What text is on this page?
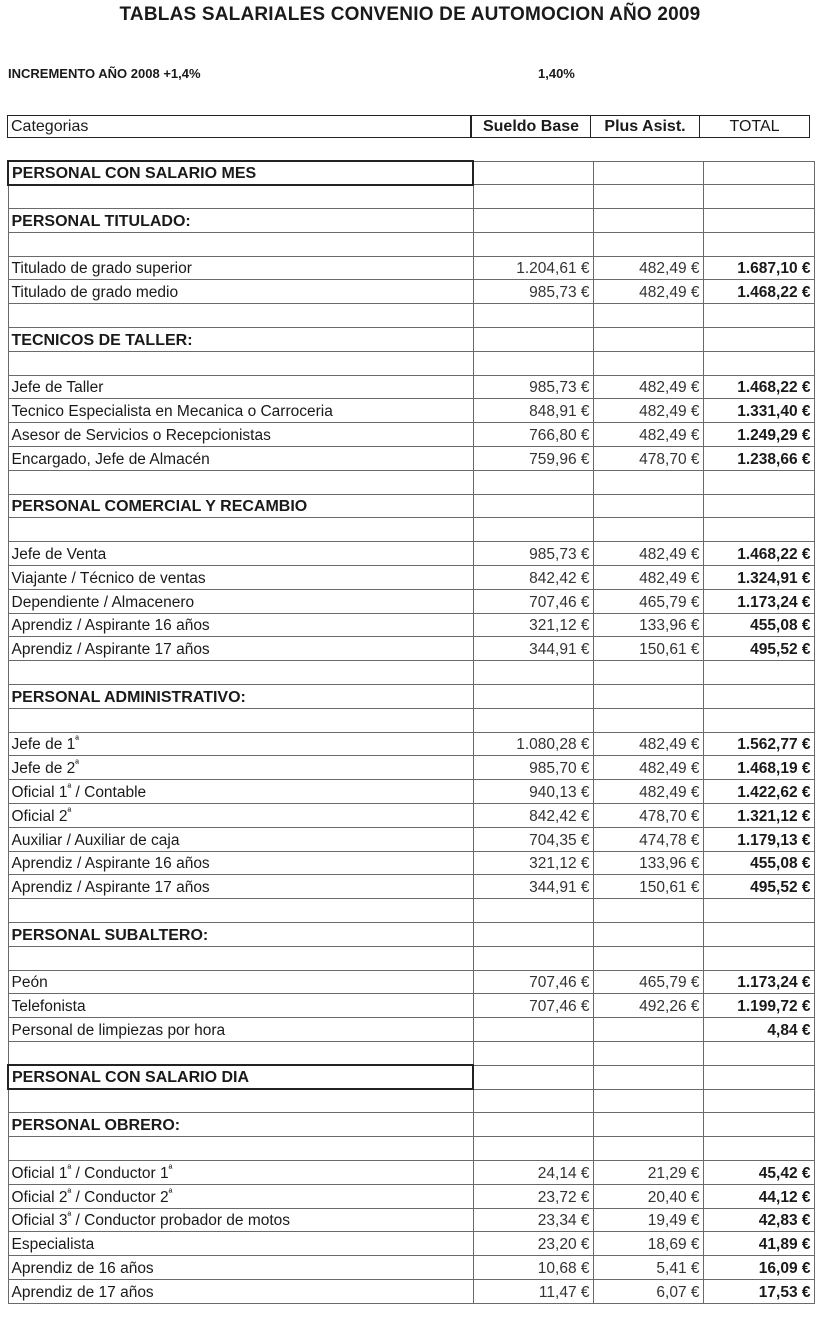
TABLAS SALARIALES CONVENIO DE AUTOMOCION AÑO 2009
INCREMENTO AÑO 2008 +1,4%	1,40%
Categorias	Sueldo Base	Plus Asist.	TOTAL
PERSONAL CON SALARIO MES			

PERSONAL TITULADO:			

Titulado de grado superior	1.204,61 €	482,49 €	1.687,10 €
Titulado de grado medio	985,73 €	482,49 €	1.468,22 €

TECNICOS DE TALLER:			

Jefe de Taller	985,73 €	482,49 €	1.468,22 €
Tecnico Especialista en Mecanica o Carroceria	848,91 €	482,49 €	1.331,40 €
Asesor de Servicios o Recepcionistas	766,80 €	482,49 €	1.249,29 €
Encargado, Jefe de Almacén	759,96 €	478,70 €	1.238,66 €

PERSONAL COMERCIAL Y RECAMBIO			

Jefe de Venta	985,73 €	482,49 €	1.468,22 €
Viajante / Técnico de ventas	842,42 €	482,49 €	1.324,91 €
Dependiente / Almacenero	707,46 €	465,79 €	1.173,24 €
Aprendiz / Aspirante 16 años	321,12 €	133,96 €	455,08 €
Aprendiz / Aspirante 17 años	344,91 €	150,61 €	495,52 €

PERSONAL ADMINISTRATIVO:			

Jefe de $1^ª$	1.080,28 €	482,49 €	1.562,77 €
Jefe de $2^ª$	985,70 €	482,49 €	1.468,19 €
Oficial $1^ª$ / Contable	940,13 €	482,49 €	1.422,62 €
Oficial $2^ª$	842,42 €	478,70 €	1.321,12 €
Auxiliar / Auxiliar de caja	704,35 €	474,78 €	1.179,13 €
Aprendiz / Aspirante 16 años	321,12 €	133,96 €	455,08 €
Aprendiz / Aspirante 17 años	344,91 €	150,61 €	495,52 €

PERSONAL SUBALTERO:			

Peón	707,46 €	465,79 €	1.173,24 €
Telefonista	707,46 €	492,26 €	1.199,72 €
Personal de limpiezas por hora			4,84 €

PERSONAL CON SALARIO DIA			

PERSONAL OBRERO:			

Oficial $1^ª$ / Conductor $1^ª$	24,14 €	21,29 €	45,42 €
Oficial $2^ª$ / Conductor $2^ª$	23,72 €	20,40 €	44,12 €
Oficial $3^ª$ / Conductor probador de motos	23,34 €	19,49 €	42,83 €
Especialista	23,20 €	18,69 €	41,89 €
Aprendiz de 16 años	10,68 €	5,41 €	16,09 €
Aprendiz de 17 años	11,47 €	6,07 €	17,53 €
